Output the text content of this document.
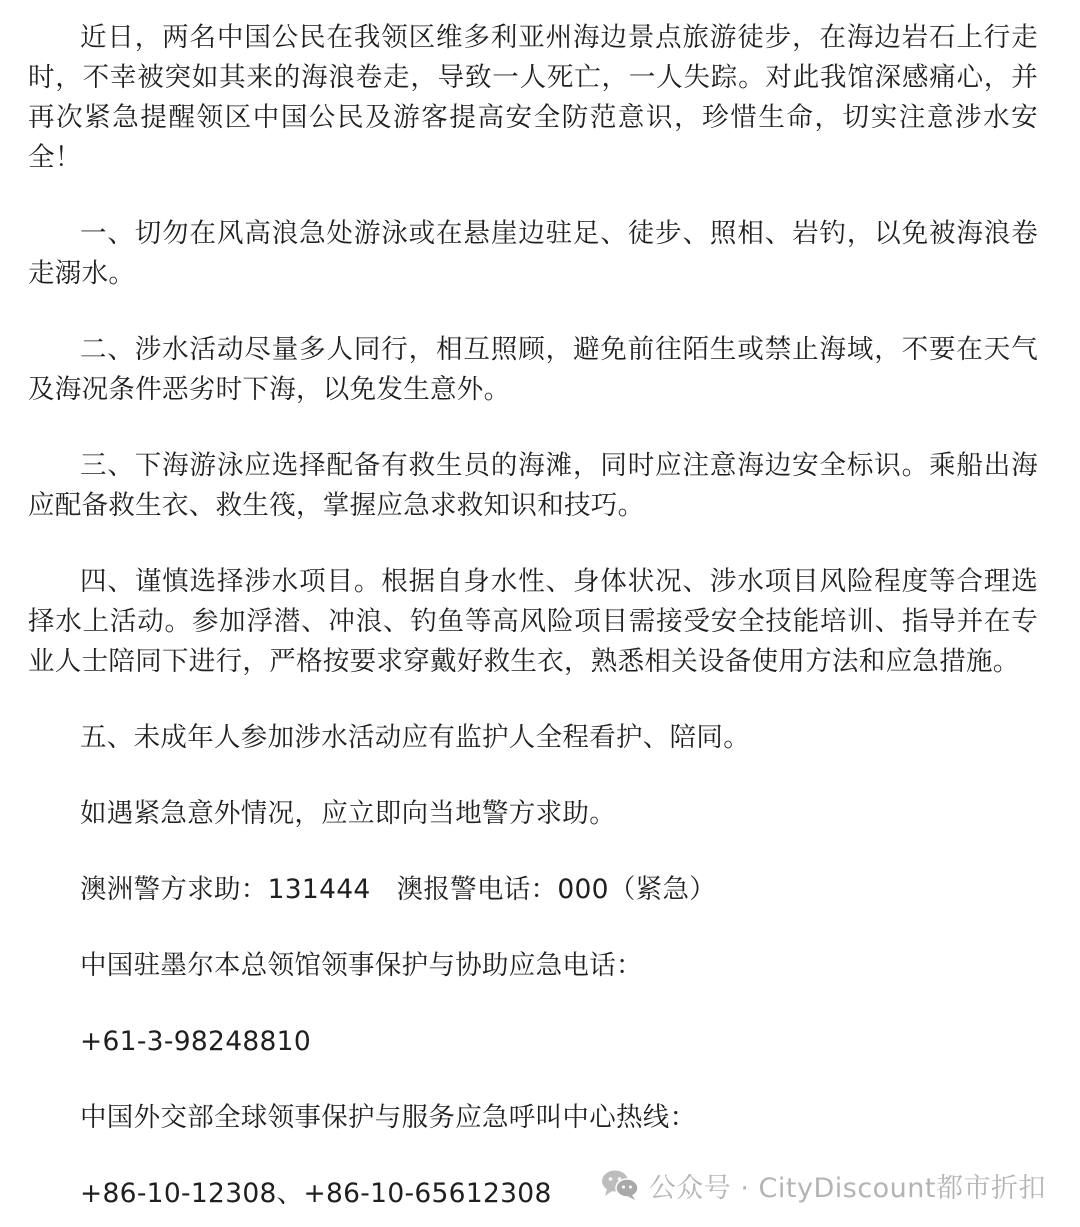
近日，两名中国公民在我领区维多利亚州海边景点旅游徒步，在海边岩石上行走时，不幸被突如其来的海浪卷走，导致一人死亡，一人失踪。对此我馆深感痛心，并再次紧急提醒领区中国公民及游客提高安全防范意识，珍惜生命，切实注意涉水安全！

一、切勿在风高浪急处游泳或在悬崖边驻足、徒步、照相、岩钓，以免被海浪卷走溺水。

二、涉水活动尽量多人同行，相互照顾，避免前往陌生或禁止海域，不要在天气及海况条件恶劣时下海，以免发生意外。

三、下海游泳应选择配备有救生员的海滩，同时应注意海边安全标识。乘船出海应配备救生衣、救生筏，掌握应急求救知识和技巧。

四、谨慎选择涉水项目。根据自身水性、身体状况、涉水项目风险程度等合理选择水上活动。参加浮潜、冲浪、钓鱼等高风险项目需接受安全技能培训、指导并在专业人士陪同下进行，严格按要求穿戴好救生衣，熟悉相关设备使用方法和应急措施。

五、未成年人参加涉水活动应有监护人全程看护、陪同。

如遇紧急意外情况，应立即向当地警方求助。

澳洲警方求助：131444 澳报警电话：000（紧急）

中国驻墨尔本总领馆领事保护与协助应急电话：

+61-3-98248810

中国外交部全球领事保护与服务应急呼叫中心热线：

+86-10-12308、+86-10-65612308	公众号 · CityDiscount都市折扣
